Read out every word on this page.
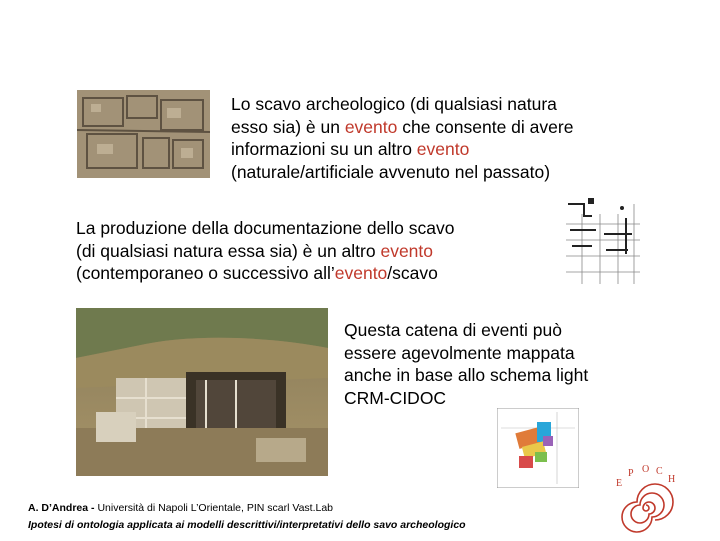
Lo scavo archeologico (di qualsiasi natura
esso sia) è un evento che consente di avere
informazioni su un altro evento
(naturale/artificiale avvenuto nel passato)
La produzione della documentazione dello scavo
(di qualsiasi natura essa sia) è un altro evento
(contemporaneo o successivo all’evento/scavo
Questa catena di eventi può
essere agevolmente mappata
anche in base allo schema light
CRM-CIDOC
E
P O C
H
A. D’Andrea - Università di Napoli L’Orientale, PIN scarl Vast.Lab
Ipotesi di ontologia applicata ai modelli descrittivi/interpretativi dello savo archeologico
